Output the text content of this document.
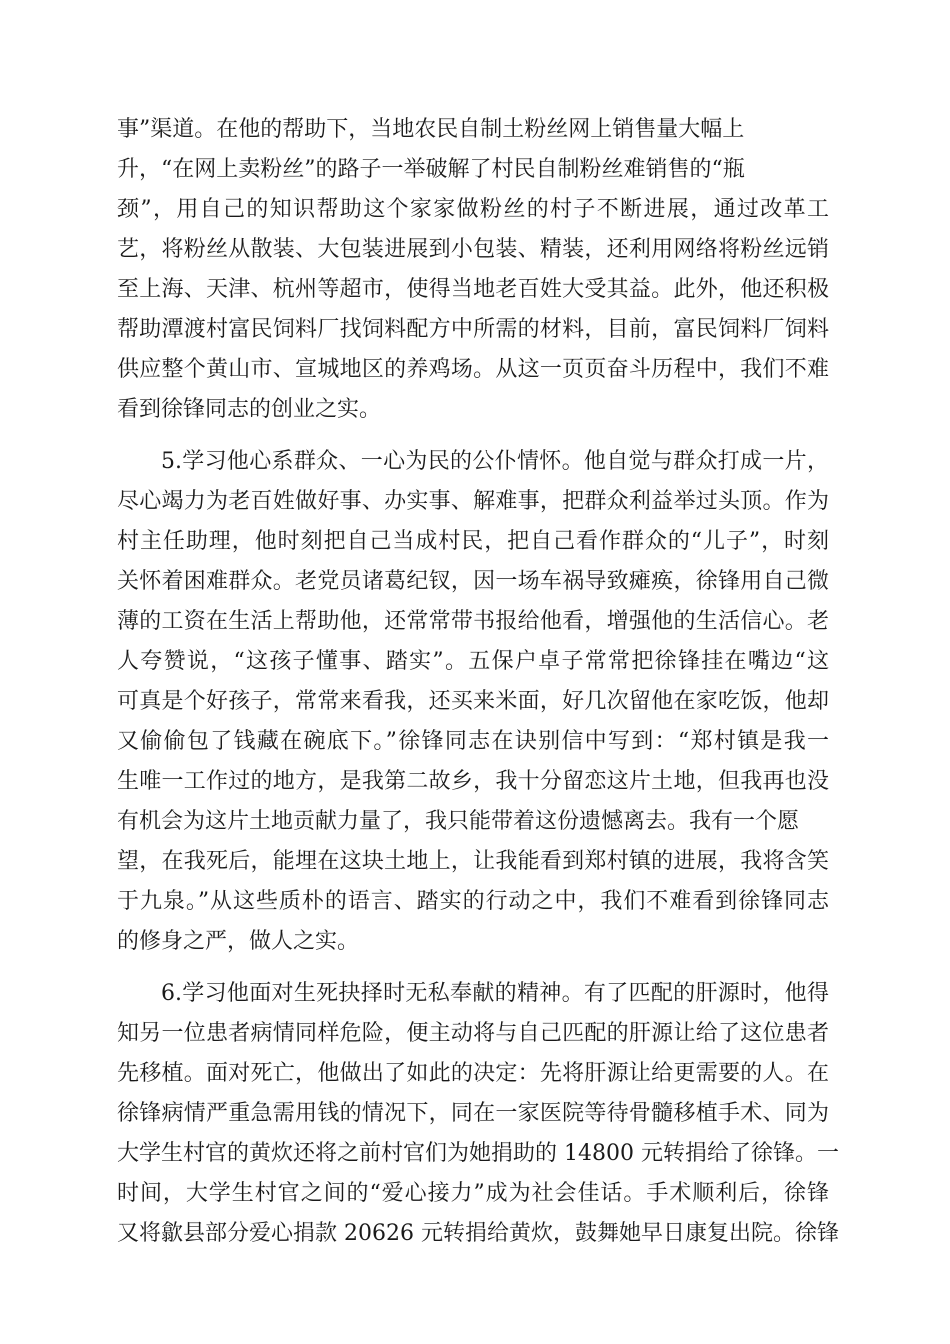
事”渠道。在他的帮助下，当地农民自制土粉丝网上销售量大幅上
升，“在网上卖粉丝”的路子一举破解了村民自制粉丝难销售的“瓶
颈”，用自己的知识帮助这个家家做粉丝的村子不断进展，通过改革工
艺，将粉丝从散装、大包装进展到小包装、精装，还利用网络将粉丝远销
至上海、天津、杭州等超市，使得当地老百姓大受其益。此外，他还积极
帮助潭渡村富民饲料厂找饲料配方中所需的材料，目前，富民饲料厂饲料
供应整个黄山市、宣城地区的养鸡场。从这一页页奋斗历程中，我们不难
看到徐锋同志的创业之实。
5.学习他心系群众、一心为民的公仆情怀。他自觉与群众打成一片，
尽心竭力为老百姓做好事、办实事、解难事，把群众利益举过头顶。作为
村主任助理，他时刻把自己当成村民，把自己看作群众的“儿子”，时刻
关怀着困难群众。老党员诸葛纪钗，因一场车祸导致瘫痪，徐锋用自己微
薄的工资在生活上帮助他，还常常带书报给他看，增强他的生活信心。老
人夸赞说，“这孩子懂事、踏实”。五保户卓子常常把徐锋挂在嘴边“这
可真是个好孩子，常常来看我，还买来米面，好几次留他在家吃饭，他却
又偷偷包了钱藏在碗底下。”徐锋同志在诀别信中写到：“郑村镇是我一
生唯一工作过的地方，是我第二故乡，我十分留恋这片土地，但我再也没
有机会为这片土地贡献力量了，我只能带着这份遗憾离去。我有一个愿
望，在我死后，能埋在这块土地上，让我能看到郑村镇的进展，我将含笑
于九泉。”从这些质朴的语言、踏实的行动之中，我们不难看到徐锋同志
的修身之严，做人之实。
6.学习他面对生死抉择时无私奉献的精神。有了匹配的肝源时，他得
知另一位患者病情同样危险，便主动将与自己匹配的肝源让给了这位患者
先移植。面对死亡，他做出了如此的决定：先将肝源让给更需要的人。在
徐锋病情严重急需用钱的情况下，同在一家医院等待骨髓移植手术、同为
大学生村官的黄炊还将之前村官们为她捐助的 14800 元转捐给了徐锋。一
时间，大学生村官之间的“爱心接力”成为社会佳话。手术顺利后，徐锋
又将歙县部分爱心捐款 20626 元转捐给黄炊，鼓舞她早日康复出院。徐锋
